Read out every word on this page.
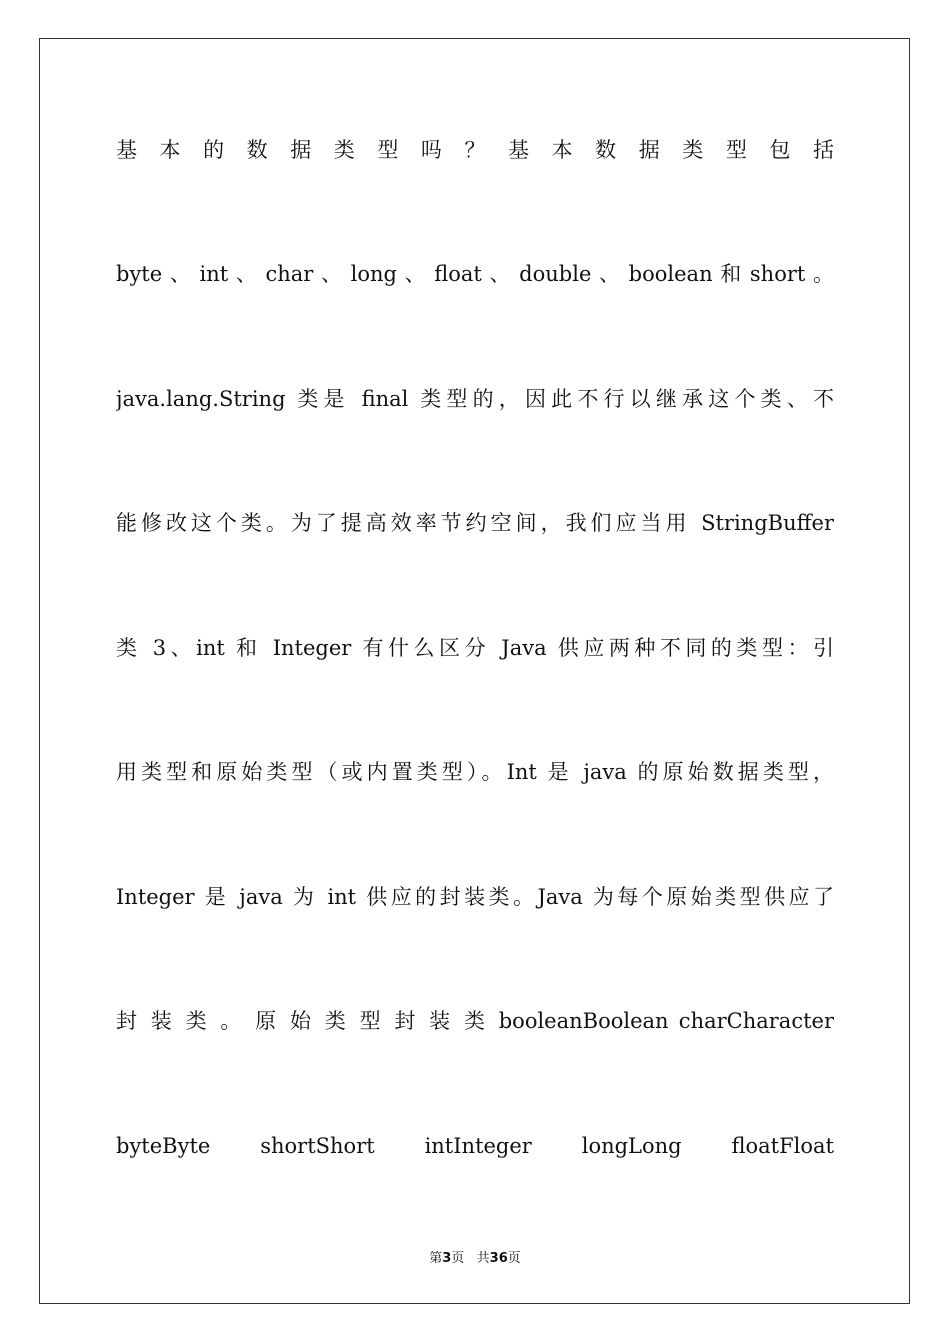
基 本 的 数 据 类 型 吗 ？ 基 本 数 据 类 型 包 括
byte 、 int 、 char 、 long 、 float 、 double 、 boolean 和 short 。
java.lang.String 类是 final 类型的，因此不行以继承这个类、不
能修改这个类。为了提高效率节约空间，我们应当用 StringBuffer
类 3、int 和 Integer 有什么区分 Java 供应两种不同的类型：引
用类型和原始类型（或内置类型）。Int 是 java 的原始数据类型，
Integer 是 java 为 int 供应的封装类。Java 为每个原始类型供应了
封 装 类 。 原 始 类 型 封 装 类 booleanBoolean charCharacter
byteByte shortShort intInteger longLong floatFloat
第3页   共36页
